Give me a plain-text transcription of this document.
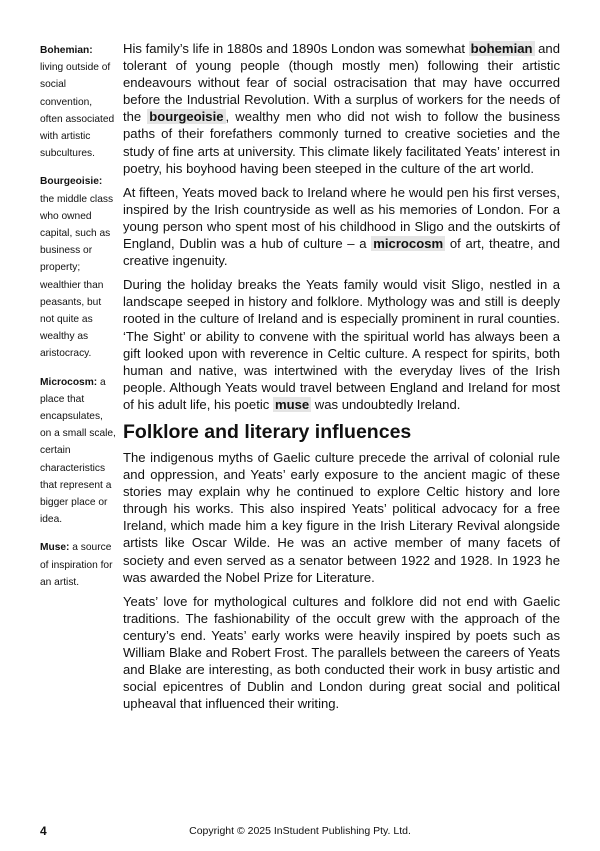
Bohemian: living outside of social convention, often associated with artistic subcultures.
Bourgeoisie: the middle class who owned capital, such as business or property; wealthier than peasants, but not quite as wealthy as aristocracy.
Microcosm: a place that encapsulates, on a small scale, certain characteristics that represent a bigger place or idea.
Muse: a source of inspiration for an artist.

His family’s life in 1880s and 1890s London was somewhat bohemian and tolerant of young people (though mostly men) following their artistic endeavours without fear of social ostracisation that may have occurred before the Industrial Revolution. With a surplus of workers for the needs of the bourgeoisie , wealthy men who did not wish to follow the business paths of their forefathers commonly turned to creative societies and the study of fine arts at university. This climate likely facilitated Yeats’ interest in poetry, his boyhood having been steeped in the culture of the art world.

At fifteen, Yeats moved back to Ireland where he would pen his first verses, inspired by the Irish countryside as well as his memories of London. For a young person who spent most of his childhood in Sligo and the outskirts of England, Dublin was a hub of culture – a microcosm of art, theatre, and creative ingenuity.

During the holiday breaks the Yeats family would visit Sligo, nestled in a landscape seeped in history and folklore. Mythology was and still is deeply rooted in the culture of Ireland and is especially prominent in rural counties. ‘The Sight’ or ability to convene with the spiritual world has always been a gift looked upon with reverence in Celtic culture. A respect for spirits, both human and native, was intertwined with the everyday lives of the Irish people. Although Yeats would travel between England and Ireland for most of his adult life, his poetic muse was undoubtedly Ireland.

Folklore and literary influences

The indigenous myths of Gaelic culture precede the arrival of colonial rule and oppression, and Yeats’ early exposure to the ancient magic of these stories may explain why he continued to explore Celtic history and lore through his works. This also inspired Yeats’ political advocacy for a free Ireland, which made him a key figure in the Irish Literary Revival alongside artists like Oscar Wilde. He was an active member of many facets of society and even served as a senator between 1922 and 1928. In 1923 he was awarded the Nobel Prize for Literature.

Yeats’ love for mythological cultures and folklore did not end with Gaelic traditions. The fashionability of the occult grew with the approach of the century’s end. Yeats’ early works were heavily inspired by poets such as William Blake and Robert Frost. The parallels between the careers of Yeats and Blake are interesting, as both conducted their work in busy artistic and social epicentres of Dublin and London during great social and political upheaval that influenced their writing.

4	Copyright © 2025 InStudent Publishing Pty. Ltd.
